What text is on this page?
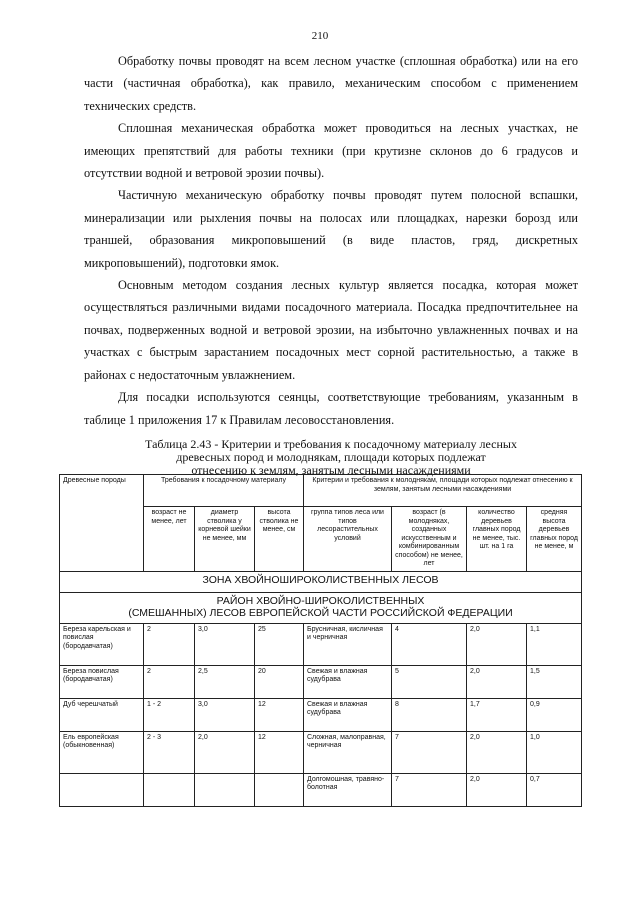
210

Обработку почвы проводят на всем лесном участке (сплошная обработка) или на его части (частичная обработка), как правило, механическим способом с применением технических средств.

Сплошная механическая обработка может проводиться на лесных участках, не имеющих препятствий для работы техники (при крутизне склонов до 6 градусов и отсутствии водной и ветровой эрозии почвы).

Частичную механическую обработку почвы проводят путем полосной вспашки, минерализации или рыхления почвы на полосах или площадках, нарезки борозд или траншей, образования микроповышений (в виде пластов, гряд, дискретных микроповышений), подготовки ямок.

Основным методом создания лесных культур является посадка, которая может осуществляться различными видами посадочного материала. Посадка предпочтительнее на почвах, подверженных водной и ветровой эрозии, на избыточно увлажненных почвах и на участках с быстрым зарастанием посадочных мест сорной растительностью, а также в районах с недостаточным увлажнением.

Для посадки используются сеянцы, соответствующие требованиям, указанным в таблице 1 приложения 17 к Правилам лесовосстановления.

Таблица 2.43 - Критерии и требования к посадочному материалу лесных
древесных пород и молоднякам, площади которых подлежат
отнесению к землям, занятым лесными насаждениями
Древесные породы	Требования к посадочному материалу			Критерии и требования к молоднякам, площади которых подлежат отнесению к землям, занятым лесными насаждениями			
	возраст не менее, лет	диаметр стволика у корневой шейки не менее, мм	высота стволика не менее, см	группа типов леса или типов лесорастительных условий	возраст (в молодняках, созданных искусственным и комбинированным способом) не менее, лет	количество деревьев главных пород не менее, тыс. шт. на 1 га	средняя высота деревьев главных пород не менее, м
ЗОНА ХВОЙНОШИРОКОЛИСТВЕННЫХ ЛЕСОВ							

РАЙОН ХВОЙНО-ШИРОКОЛИСТВЕННЫХ
(СМЕШАННЫХ) ЛЕСОВ ЕВРОПЕЙСКОЙ ЧАСТИ РОССИЙСКОЙ ФЕДЕРАЦИИ							

Береза карельская и повислая (бородавчатая)	2	3,0	25	Брусничная, кисличная и черничная	4	2,0	1,1
Береза повислая (бородавчатая)	2	2,5	20	Свежая и влажная судубрава	5	2,0	1,5
Дуб черешчатый	1 - 2	3,0	12	Свежая и влажная судубрава	8	1,7	0,9
Ель европейская (обыкновенная)	2 - 3	2,0	12	Сложная, малоправная, черничная	7	2,0	1,0
				Долгомошная, травяно-болотная	7	2,0	0,7
